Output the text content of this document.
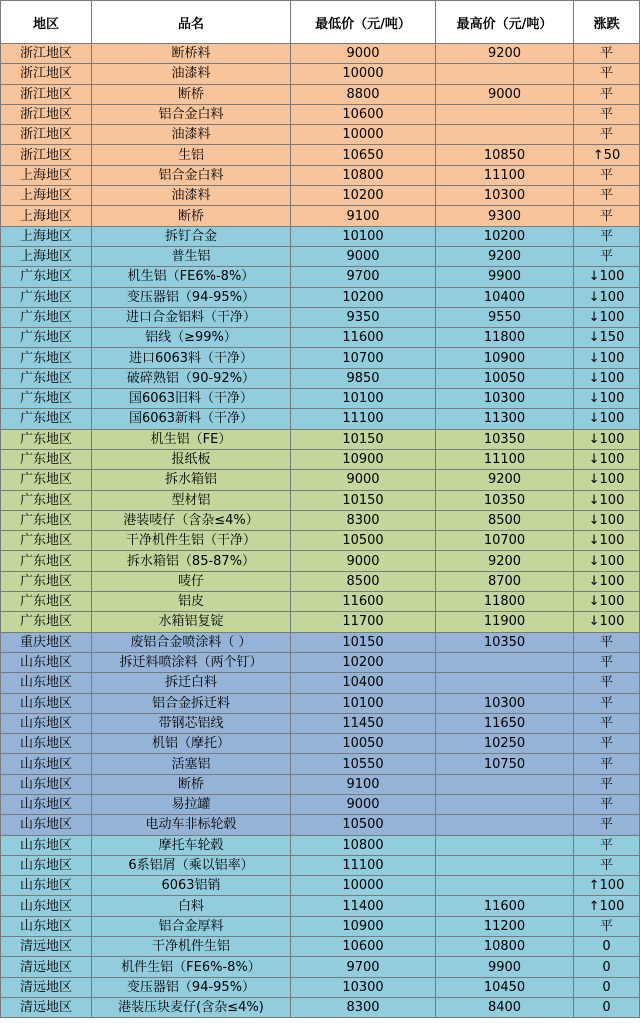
地区	品名	最低价（元/吨）	最高价（元/吨）	涨跌
浙江地区	断桥料	9000	9200	平
浙江地区	油漆料	10000		平
浙江地区	断桥	8800	9000	平
浙江地区	铝合金白料	10600		平
浙江地区	油漆料	10000		平
浙江地区	生铝	10650	10850	↑50
上海地区	铝合金白料	10800	11100	平
上海地区	油漆料	10200	10300	平
上海地区	断桥	9100	9300	平
上海地区	拆钉合金	10100	10200	平
上海地区	普生铝	9000	9200	平
广东地区	机生铝（FE6%-8%）	9700	9900	↓100
广东地区	变压器铝（94-95%）	10200	10400	↓100
广东地区	进口合金铝料（干净）	9350	9550	↓100
广东地区	铝线（≥99%）	11600	11800	↓150
广东地区	进口6063料（干净）	10700	10900	↓100
广东地区	破碎熟铝（90-92%）	9850	10050	↓100
广东地区	国6063旧料（干净）	10100	10300	↓100
广东地区	国6063新料（干净）	11100	11300	↓100
广东地区	机生铝（FE）	10150	10350	↓100
广东地区	报纸板	10900	11100	↓100
广东地区	拆水箱铝	9000	9200	↓100
广东地区	型材铝	10150	10350	↓100
广东地区	港装唛仔（含杂≤4%）	8300	8500	↓100
广东地区	干净机件生铝（干净）	10500	10700	↓100
广东地区	拆水箱铝（85-87%）	9000	9200	↓100
广东地区	唛仔	8500	8700	↓100
广东地区	铝皮	11600	11800	↓100
广东地区	水箱铝复锭	11700	11900	↓100
重庆地区	废铝合金喷涂料（ ）	10150	10350	平
山东地区	拆迁料喷涂料（两个钉）	10200		平
山东地区	拆迁白料	10400		平
山东地区	铝合金拆迁料	10100	10300	平
山东地区	带钢芯铝线	11450	11650	平
山东地区	机铝（摩托）	10050	10250	平
山东地区	活塞铝	10550	10750	平
山东地区	断桥	9100		平
山东地区	易拉罐	9000		平
山东地区	电动车非标轮毂	10500		平
山东地区	摩托车轮毂	10800		平
山东地区	6系铝屑（乘以铝率）	11100		平
山东地区	6063铝销	10000		↑100
山东地区	白料	11400	11600	↑100
山东地区	铝合金厚料	10900	11200	平
清远地区	干净机件生铝	10600	10800	0
清远地区	机件生铝（FE6%-8%）	9700	9900	0
清远地区	变压器铝（94-95%）	10300	10450	0
清远地区	港装压块麦仔(含杂≤4%)	8300	8400	0
